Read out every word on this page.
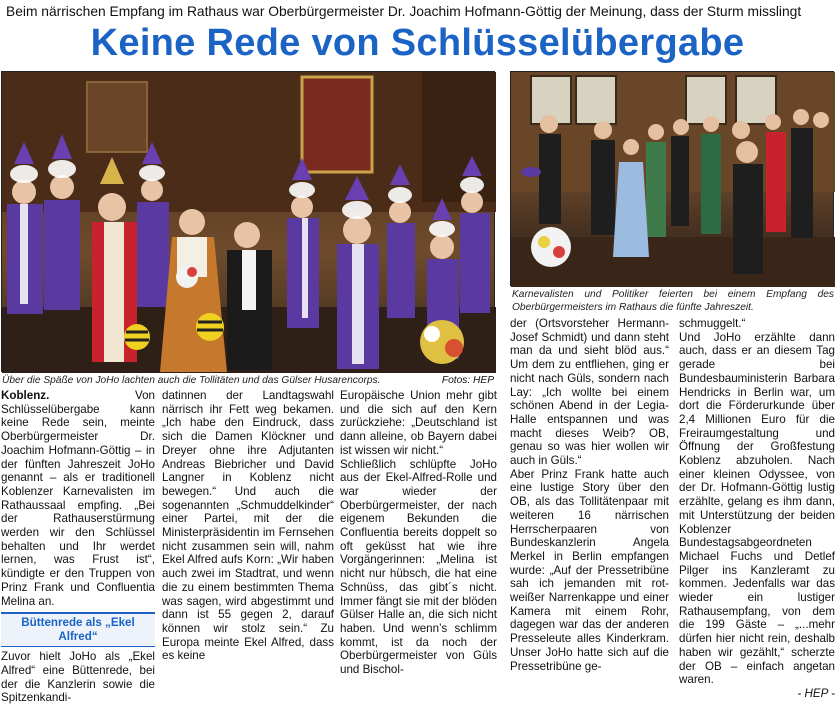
Beim närrischen Empfang im Rathaus war Oberbürgermeister Dr. Joachim Hofmann-Göttig der Meinung, dass der Sturm misslingt
Keine Rede von Schlüsselübergabe
Über die Späße von JoHo lachten auch die Tollitäten und das Gülser Husarencorps.	Fotos: HEP
Karnevalisten und Politiker feierten bei einem Empfang des Oberbürgermeisters im Rathaus die fünfte Jahreszeit.

Koblenz. Von Schlüsselübergabe kann keine Rede sein, meinte Oberbürgermeister Dr. Joachim Hofmann-Göttig – in der fünften Jahreszeit JoHo genannt – als er traditionell Koblenzer Karnevalisten im Rathaussaal empfing. „Bei der Rathauserstürmung werden wir den Schlüssel behalten und Ihr werdet lernen, was Frust ist“, kündigte er den Truppen von Prinz Frank und Confluentia Melina an.

Büttenrede als „Ekel Alfred“

Zuvor hielt JoHo als „Ekel Alfred“ eine Büttenrede, bei der die Kanzlerin sowie die Spitzenkandi-

datinnen der Landtagswahl närrisch ihr Fett weg bekamen. „Ich habe den Eindruck, dass sich die Damen Klöckner und Dreyer ohne ihre Adjutanten Andreas Biebricher und David Langner in Koblenz nicht bewegen.“ Und auch die sogenannten „Schmuddelkinder“ einer Partei, mit der die Ministerpräsidentin im Fernsehen nicht zusammen sein will, nahm Ekel Alfred aufs Korn: „Wir haben auch zwei im Stadtrat, und wenn die zu einem bestimmten Thema was sagen, wird abgestimmt und dann ist 55 gegen 2, darauf können wir stolz sein.“ Zu Europa meinte Ekel Alfred, dass es keine

Europäische Union mehr gibt und die sich auf den Kern zurückziehe: „Deutschland ist dann alleine, ob Bayern dabei ist wissen wir nicht.“

Schließlich schlüpfte JoHo aus der Ekel-Alfred-Rolle und war wieder der Oberbürgermeister, der nach eigenem Bekunden die Confluentia bereits doppelt so oft geküsst hat wie ihre Vorgängerinnen: „Melina ist nicht nur hübsch, die hat eine Schnüss, das gibt´s nicht. Immer fängt sie mit der blöden Gülser Halle an, die sich nicht haben. Und wenn’s schlimm kommt, ist da noch der Oberbürgermeister von Güls und Bischol-

der (Ortsvorsteher Hermann-Josef Schmidt) und dann steht man da und sieht blöd aus.“ Um dem zu entfliehen, ging er nicht nach Güls, sondern nach Lay: „Ich wollte bei einem schönen Abend in der Legia-Halle entspannen und was macht dieses Weib? OB, genau so was hier wollen wir auch in Güls.“

Aber Prinz Frank hatte auch eine lustige Story über den OB, als das Tollitätenpaar mit weiteren 16 närrischen Herrscherpaaren von Bundeskanzlerin Angela Merkel in Berlin empfangen wurde: „Auf der Pressetribüne sah ich jemanden mit rot-weißer Narrenkappe und einer Kamera mit einem Rohr, dagegen war das der anderen Presseleute alles Kinderkram. Unser JoHo hatte sich auf die Pressetribüne ge-

schmuggelt.“

Und JoHo erzählte dann auch, dass er an diesem Tag gerade bei Bundesbauministerin Barbara Hendricks in Berlin war, um dort die Förderurkunde über 2,4 Millionen Euro für die Freiraumgestaltung und Öffnung der Großfestung Koblenz abzuholen. Nach einer kleinen Odyssee, von der Dr. Hofmann-Göttig lustig erzählte, gelang es ihm dann, mit Unterstützung der beiden Koblenzer Bundestagsabgeordneten Michael Fuchs und Detlef Pilger ins Kanzleramt zu kommen. Jedenfalls war das wieder ein lustiger Rathausempfang, von dem die 199 Gäste – „...mehr dürfen hier nicht rein, deshalb haben wir gezählt,“ scherzte der OB – einfach angetan waren.

- HEP -
